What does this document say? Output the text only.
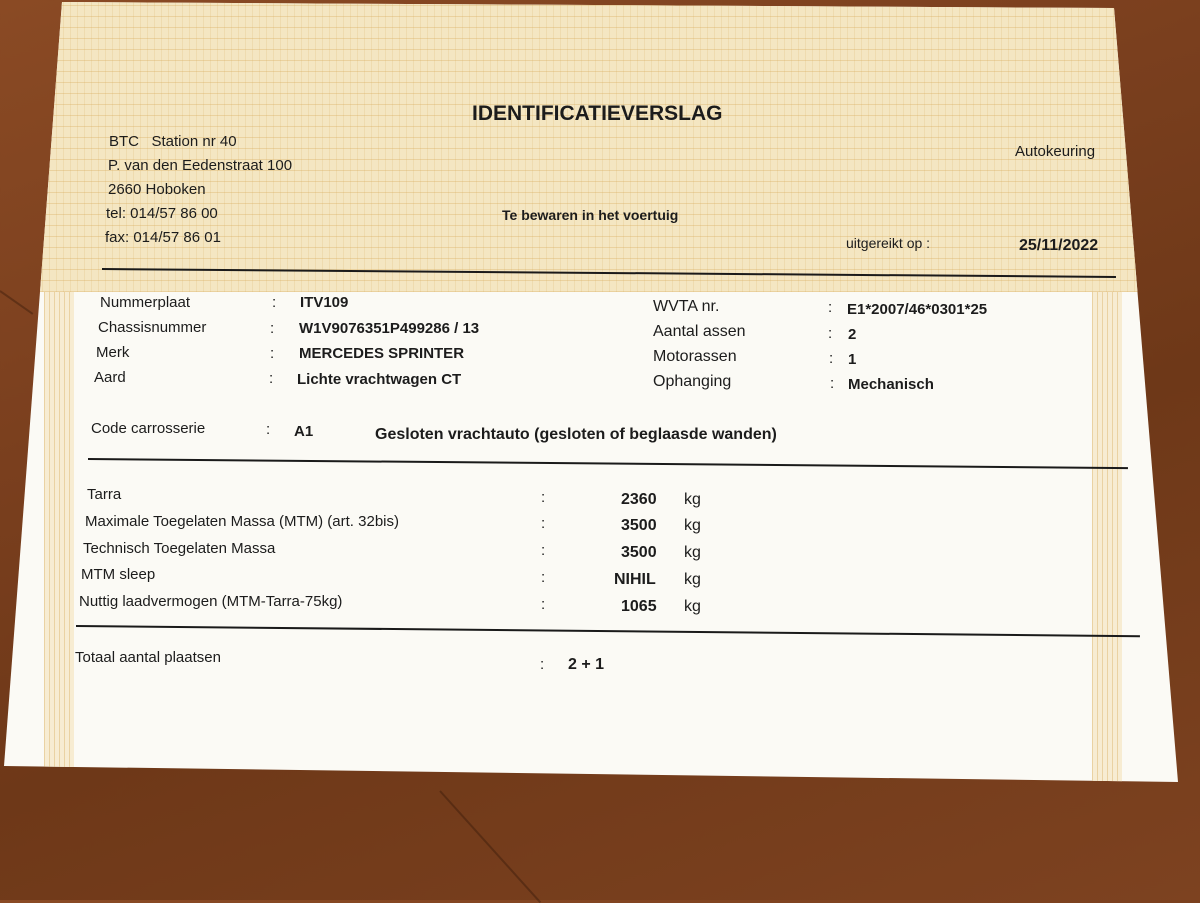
IDENTIFICATIEVERSLAG
BTC   Station nr 40
P. van den Eedenstraat 100
2660 Hoboken
tel: 014/57 86 00
fax: 014/57 86 01
Autokeuring
Te bewaren in het voertuig
uitgereikt op :	25/11/2022
Nummerplaat	: ITV109
Chassisnummer	: W1V9076351P499286 / 13
Merk	: MERCEDES SPRINTER
Aard	: Lichte vrachtwagen CT
WVTA nr.	: E1*2007/46*0301*25
Aantal assen	: 2
Motorassen	: 1
Ophanging	: Mechanisch
Code carrosserie	: A1	Gesloten vrachtauto (gesloten of beglaasde wanden)
Tarra	:	2360 kg
Maximale Toegelaten Massa (MTM) (art. 32bis)	:	3500 kg
Technisch Toegelaten Massa	:	3500 kg
MTM sleep	:	NIHIL kg
Nuttig laadvermogen (MTM-Tarra-75kg)	:	1065 kg
Totaal aantal plaatsen	: 2 + 1
